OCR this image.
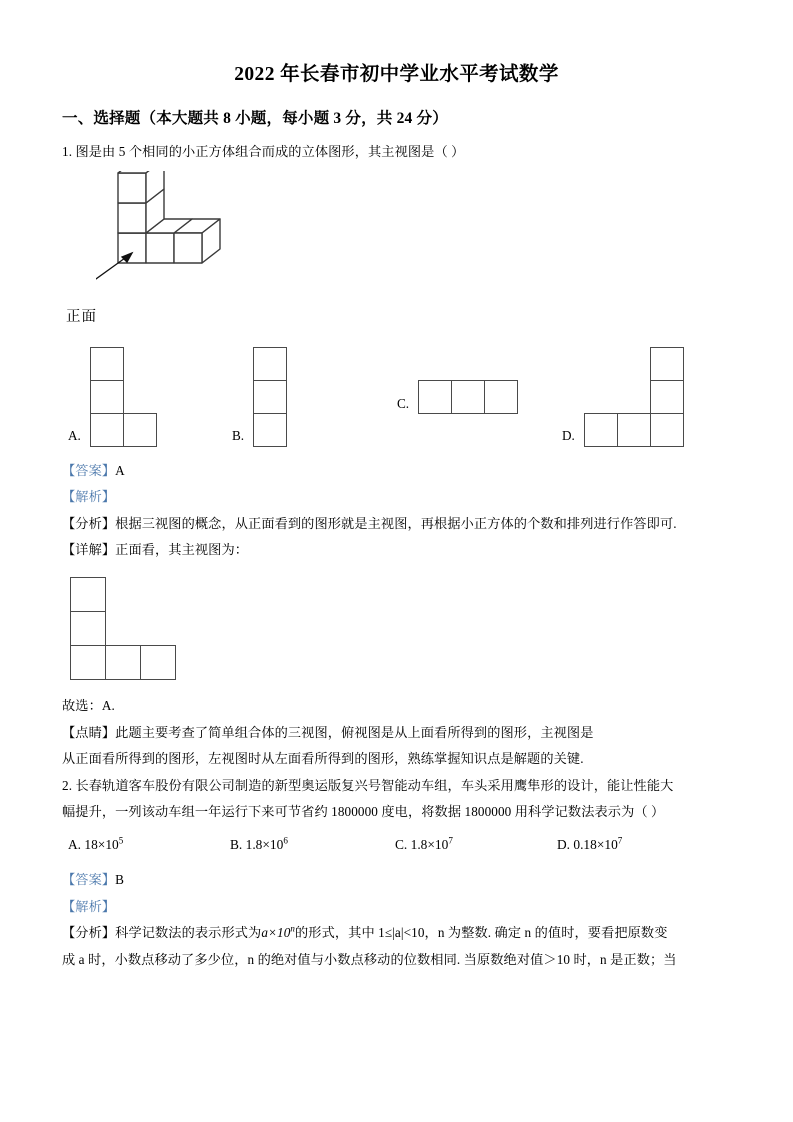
2022 年长春市初中学业水平考试数学
一、选择题（本大题共 8 小题，每小题 3 分，共 24 分）
1. 图是由 5 个相同的小正方体组合而成的立体图形，其主视图是（ ）
正面
A.	B.
C.
D.
【答案】A
【解析】
【分析】根据三视图的概念，从正面看到的图形就是主视图，再根据小正方体的个数和排列进行作答即可.
【详解】正面看，其主视图为：
故选：A.
【点睛】此题主要考查了简单组合体的三视图，俯视图是从上面看所得到的图形，主视图是
从正面看所得到的图形，左视图时从左面看所得到的图形，熟练掌握知识点是解题的关键.
2. 长春轨道客车股份有限公司制造的新型奥运版复兴号智能动车组，车头采用鹰隼形的设计，能让性能大
幅提升，一列该动车组一年运行下来可节省约 1800000 度电，将数据 1800000 用科学记数法表示为（ ）
A. $18\times 10^5$	B. $1.8\times 10^6$	C. $1.8\times 10^7$	D. $0.18\times 10^7$
【答案】B
【解析】
【分析】科学记数法的表示形式为$a\times 10^n$的形式，其中 1≤|a|<10，n 为整数. 确定 n 的值时，要看把原数变
成 a 时，小数点移动了多少位，n 的绝对值与小数点移动的位数相同. 当原数绝对值＞10 时，n 是正数；当
